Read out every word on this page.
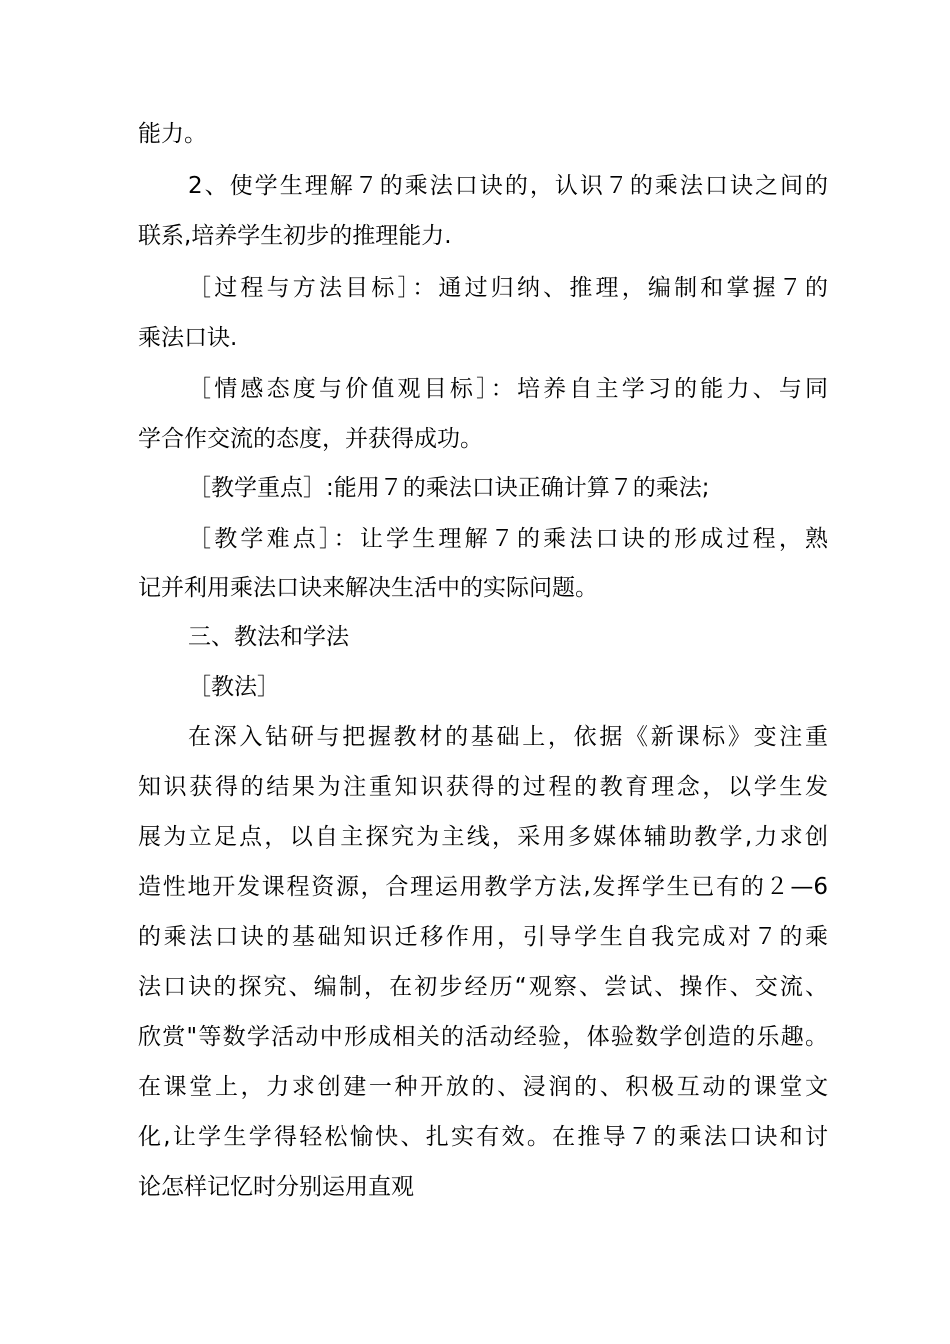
能力。
2、使学生理解７的乘法口诀的，认识７的乘法口诀之间的
联系,培养学生初步的推理能力.
［过程与方法目标］：通过归纳、推理，编制和掌握７的
乘法口诀.
［情感态度与价值观目标］：培养自主学习的能力、与同
学合作交流的态度，并获得成功。
［教学重点］:能用７的乘法口诀正确计算７的乘法;
［教学难点］：让学生理解７的乘法口诀的形成过程，熟
记并利用乘法口诀来解决生活中的实际问题。
三、教法和学法
［教法］
在深入钻研与把握教材的基础上，依据《新课标》变注重
知识获得的结果为注重知识获得的过程的教育理念，以学生发
展为立足点，以自主探究为主线，采用多媒体辅助教学,力求创
造性地开发课程资源，合理运用教学方法,发挥学生已有的２—6
的乘法口诀的基础知识迁移作用，引导学生自我完成对７的乘
法口诀的探究、编制，在初步经历“观察、尝试、操作、交流、
欣赏"等数学活动中形成相关的活动经验，体验数学创造的乐趣。
在课堂上，力求创建一种开放的、浸润的、积极互动的课堂文
化,让学生学得轻松愉快、扎实有效。在推导７的乘法口诀和讨
论怎样记忆时分别运用直观
